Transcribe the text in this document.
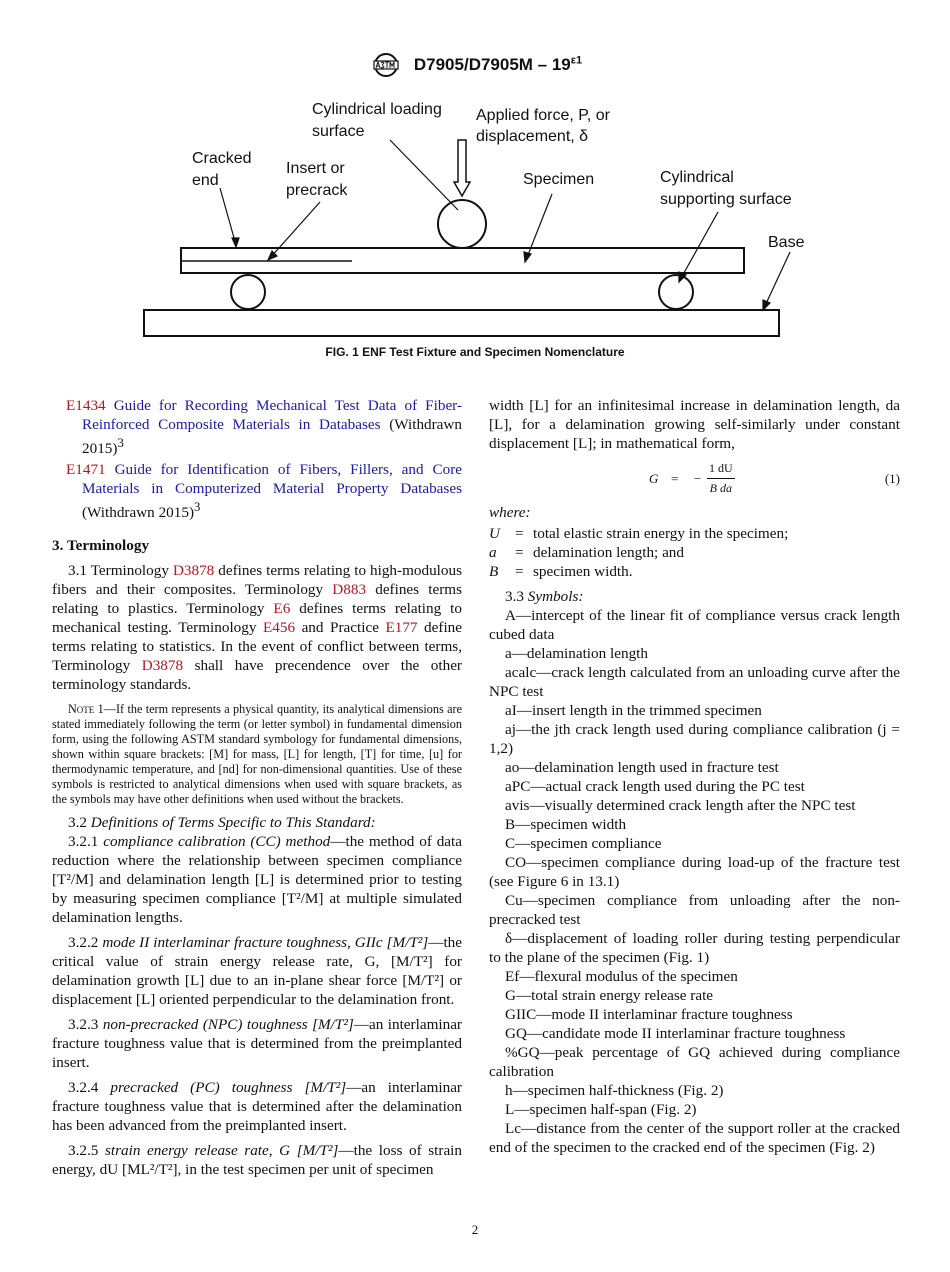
$D7905/D7905M - 19^{\varepsilon 1}$
Cylindrical loading
surface
Applied force, P, or
displacement, δ
Cracked
end
Insert or
precrack
Specimen	Cylindrical
supporting surface
Base
FIG. 1 ENF Test Fixture and Specimen Nomenclature

E1434 Guide for Recording Mechanical Test Data of Fiber-Reinforced Composite Materials in Databases (Withdrawn 2015)$^3$

E1471 Guide for Identification of Fibers, Fillers, and Core Materials in Computerized Material Property Databases (Withdrawn 2015)$^3$

3. Terminology

3.1 Terminology D3878 defines terms relating to high-modulous fibers and their composites. Terminology D883 defines terms relating to plastics. Terminology E6 defines terms relating to mechanical testing. Terminology E456 and Practice E177 define terms relating to statistics. In the event of conflict between terms, Terminology D3878 shall have precendence over the other terminology standards.

Note 1—If the term represents a physical quantity, its analytical dimensions are stated immediately following the term (or letter symbol) in fundamental dimension form, using the following ASTM standard symbology for fundamental dimensions, shown within square brackets: [M] for mass, [L] for length, [T] for time, [u] for thermodynamic temperature, and [nd] for non-dimensional quantities. Use of these symbols is restricted to analytical dimensions when used with square brackets, as the symbols may have other definitions when used without the brackets.

3.2 Definitions of Terms Specific to This Standard:

3.2.1 compliance calibration (CC) method—the method of data reduction where the relationship between specimen compliance [T²/M] and delamination length [L] is determined prior to testing by measuring specimen compliance [T²/M] at multiple simulated delamination lengths.

3.2.2 mode II interlaminar fracture toughness, GIIc [M/T²]—the critical value of strain energy release rate, G, [M/T²] for delamination growth [L] due to an in-plane shear force [M/T²] or displacement [L] oriented perpendicular to the delamination front.

3.2.3 non-precracked (NPC) toughness [M/T²]—an interlaminar fracture toughness value that is determined from the preimplanted insert.

3.2.4 precracked (PC) toughness [M/T²]—an interlaminar fracture toughness value that is determined after the delamination has been advanced from the preimplanted insert.

3.2.5 strain energy release rate, G [M/T²]—the loss of strain energy, dU [ML²/T²], in the test specimen per unit of specimen

width [L] for an infinitesimal increase in delamination length, da [L], for a delamination growing self-similarly under constant displacement [L]; in mathematical form,

G = − $\frac{1 dU}{\text{B da}}$	(1)

where:

U = total elastic strain energy in the specimen;
a	= delamination length; and
B	= specimen width.

3.3 Symbols:

A—intercept of the linear fit of compliance versus crack length cubed data

a—delamination length

acalc—crack length calculated from an unloading curve after the NPC test

aI—insert length in the trimmed specimen

aj—the jth crack length used during compliance calibration (j = 1,2)

ao—delamination length used in fracture test

aPC—actual crack length used during the PC test

avis—visually determined crack length after the NPC test

B—specimen width

C—specimen compliance

CO—specimen compliance during load-up of the fracture test (see Figure 6 in 13.1)

Cu—specimen compliance from unloading after the non-precracked test

δ—displacement of loading roller during testing perpendicular to the plane of the specimen (Fig. 1)

Ef—flexural modulus of the specimen

G—total strain energy release rate

GIIC—mode II interlaminar fracture toughness

GQ—candidate mode II interlaminar fracture toughness

%GQ—peak percentage of GQ achieved during compliance calibration

h—specimen half-thickness (Fig. 2)

L—specimen half-span (Fig. 2)

Lc—distance from the center of the support roller at the cracked end of the specimen to the cracked end of the specimen (Fig. 2)

2
